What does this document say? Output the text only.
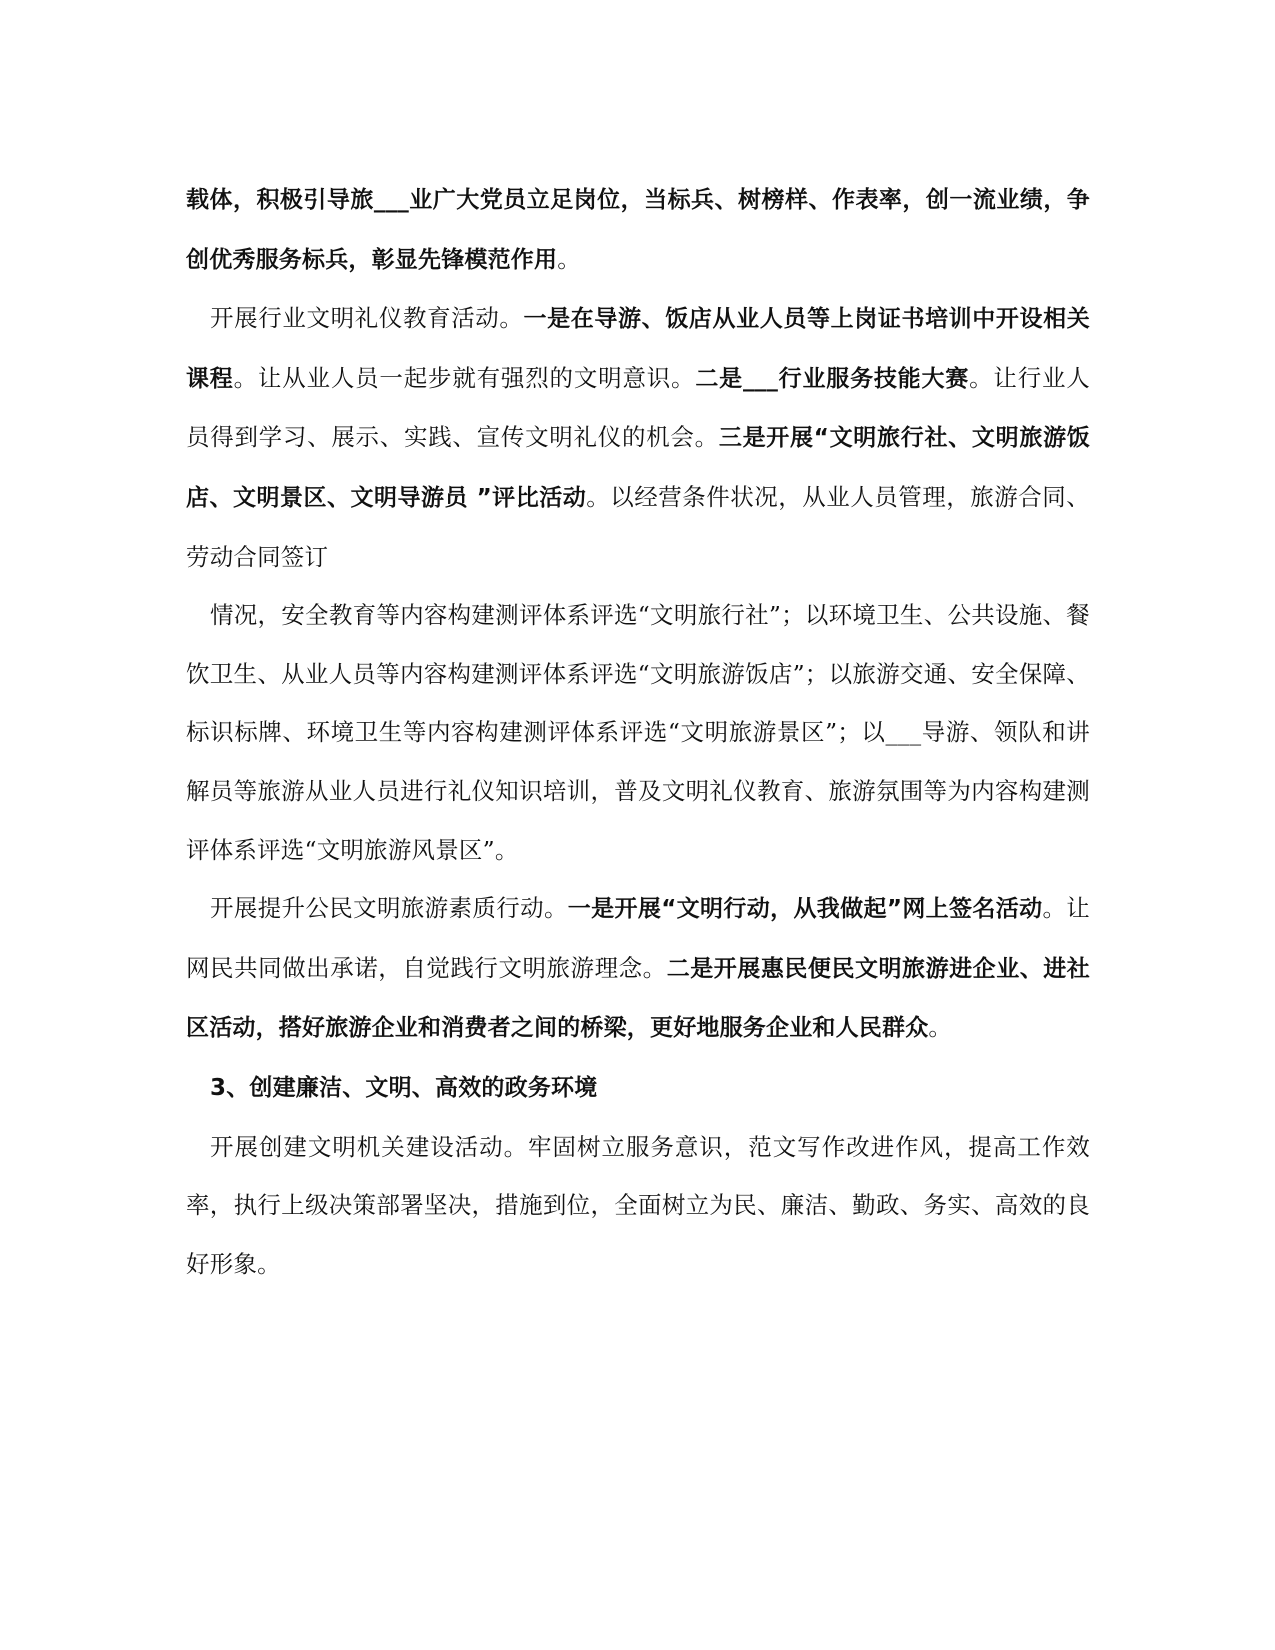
载体，积极引导旅___业广大党员立足岗位，当标兵、树榜样、作表率，创一流业绩，争创优秀服务标兵，彰显先锋模范作用。

开展行业文明礼仪教育活动。一是在导游、饭店从业人员等上岗证书培训中开设相关课程。让从业人员一起步就有强烈的文明意识。二是___行业服务技能大赛。让行业人员得到学习、展示、实践、宣传文明礼仪的机会。三是开展“文明旅行社、文明旅游饭店、文明景区、文明导游员 ”评比活动。以经营条件状况，从业人员管理，旅游合同、劳动合同签订

情况，安全教育等内容构建测评体系评选“文明旅行社”；以环境卫生、公共设施、餐饮卫生、从业人员等内容构建测评体系评选“文明旅游饭店”；以旅游交通、安全保障、标识标牌、环境卫生等内容构建测评体系评选“文明旅游景区”；以___导游、领队和讲解员等旅游从业人员进行礼仪知识培训，普及文明礼仪教育、旅游氛围等为内容构建测评体系评选“文明旅游风景区”。

开展提升公民文明旅游素质行动。一是开展“文明行动，从我做起”网上签名活动。让网民共同做出承诺，自觉践行文明旅游理念。二是开展惠民便民文明旅游进企业、进社区活动，搭好旅游企业和消费者之间的桥梁，更好地服务企业和人民群众。

3、创建廉洁、文明、高效的政务环境

开展创建文明机关建设活动。牢固树立服务意识，范文写作改进作风，提高工作效率，执行上级决策部署坚决，措施到位，全面树立为民、廉洁、勤政、务实、高效的良好形象。
